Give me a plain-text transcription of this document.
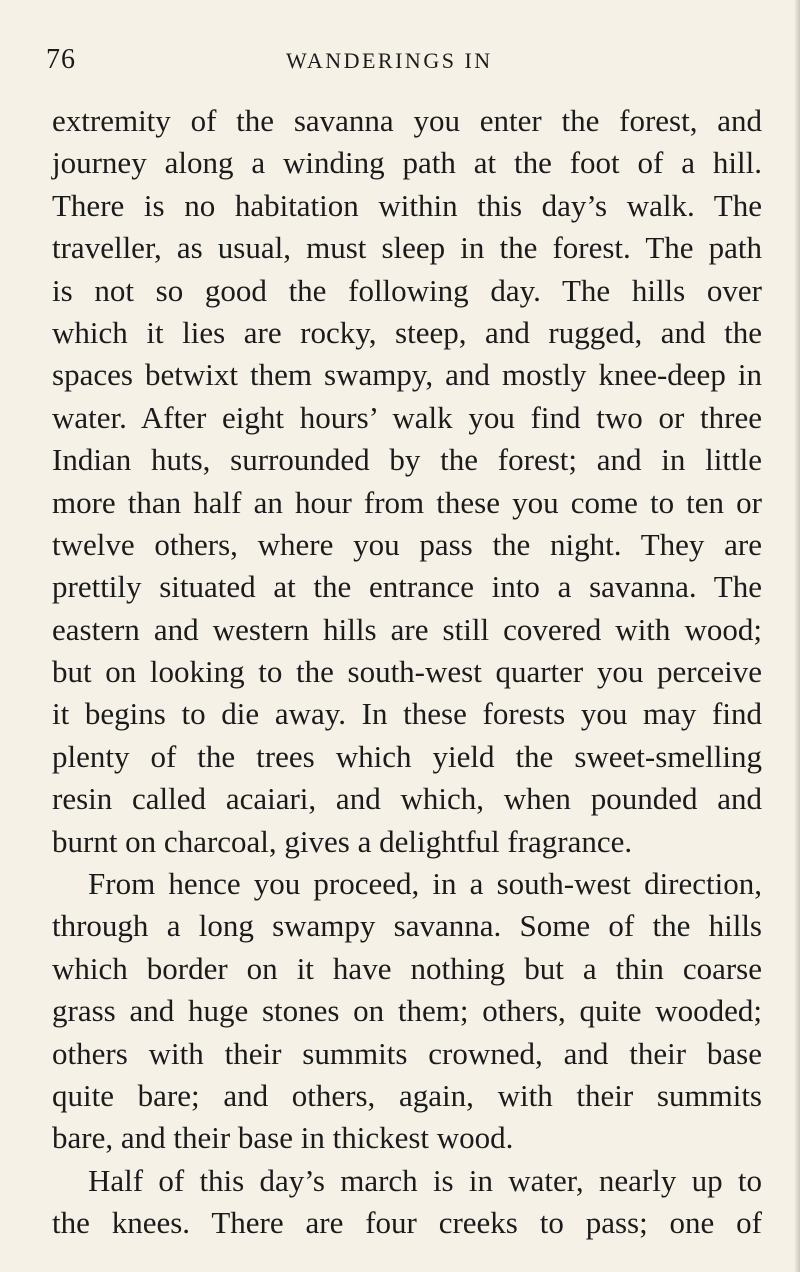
76	WANDERINGS IN
extremity of the savanna you enter the forest, and
journey along a winding path at the foot of a hill.
There is no habitation within this day’s walk. The
traveller, as usual, must sleep in the forest. The path
is not so good the following day. The hills over
which it lies are rocky, steep, and rugged, and the
spaces betwixt them swampy, and mostly knee-deep in
water. After eight hours’ walk you find two or three
Indian huts, surrounded by the forest; and in little
more than half an hour from these you come to ten or
twelve others, where you pass the night. They are
prettily situated at the entrance into a savanna. The
eastern and western hills are still covered with wood;
but on looking to the south-west quarter you perceive
it begins to die away. In these forests you may find
plenty of the trees which yield the sweet-smelling
resin called acaiari, and which, when pounded and
burnt on charcoal, gives a delightful fragrance.
From hence you proceed, in a south-west direction,
through a long swampy savanna. Some of the hills
which border on it have nothing but a thin coarse
grass and huge stones on them; others, quite wooded;
others with their summits crowned, and their base
quite bare; and others, again, with their summits
bare, and their base in thickest wood.
Half of this day’s march is in water, nearly up to
the knees. There are four creeks to pass; one of
